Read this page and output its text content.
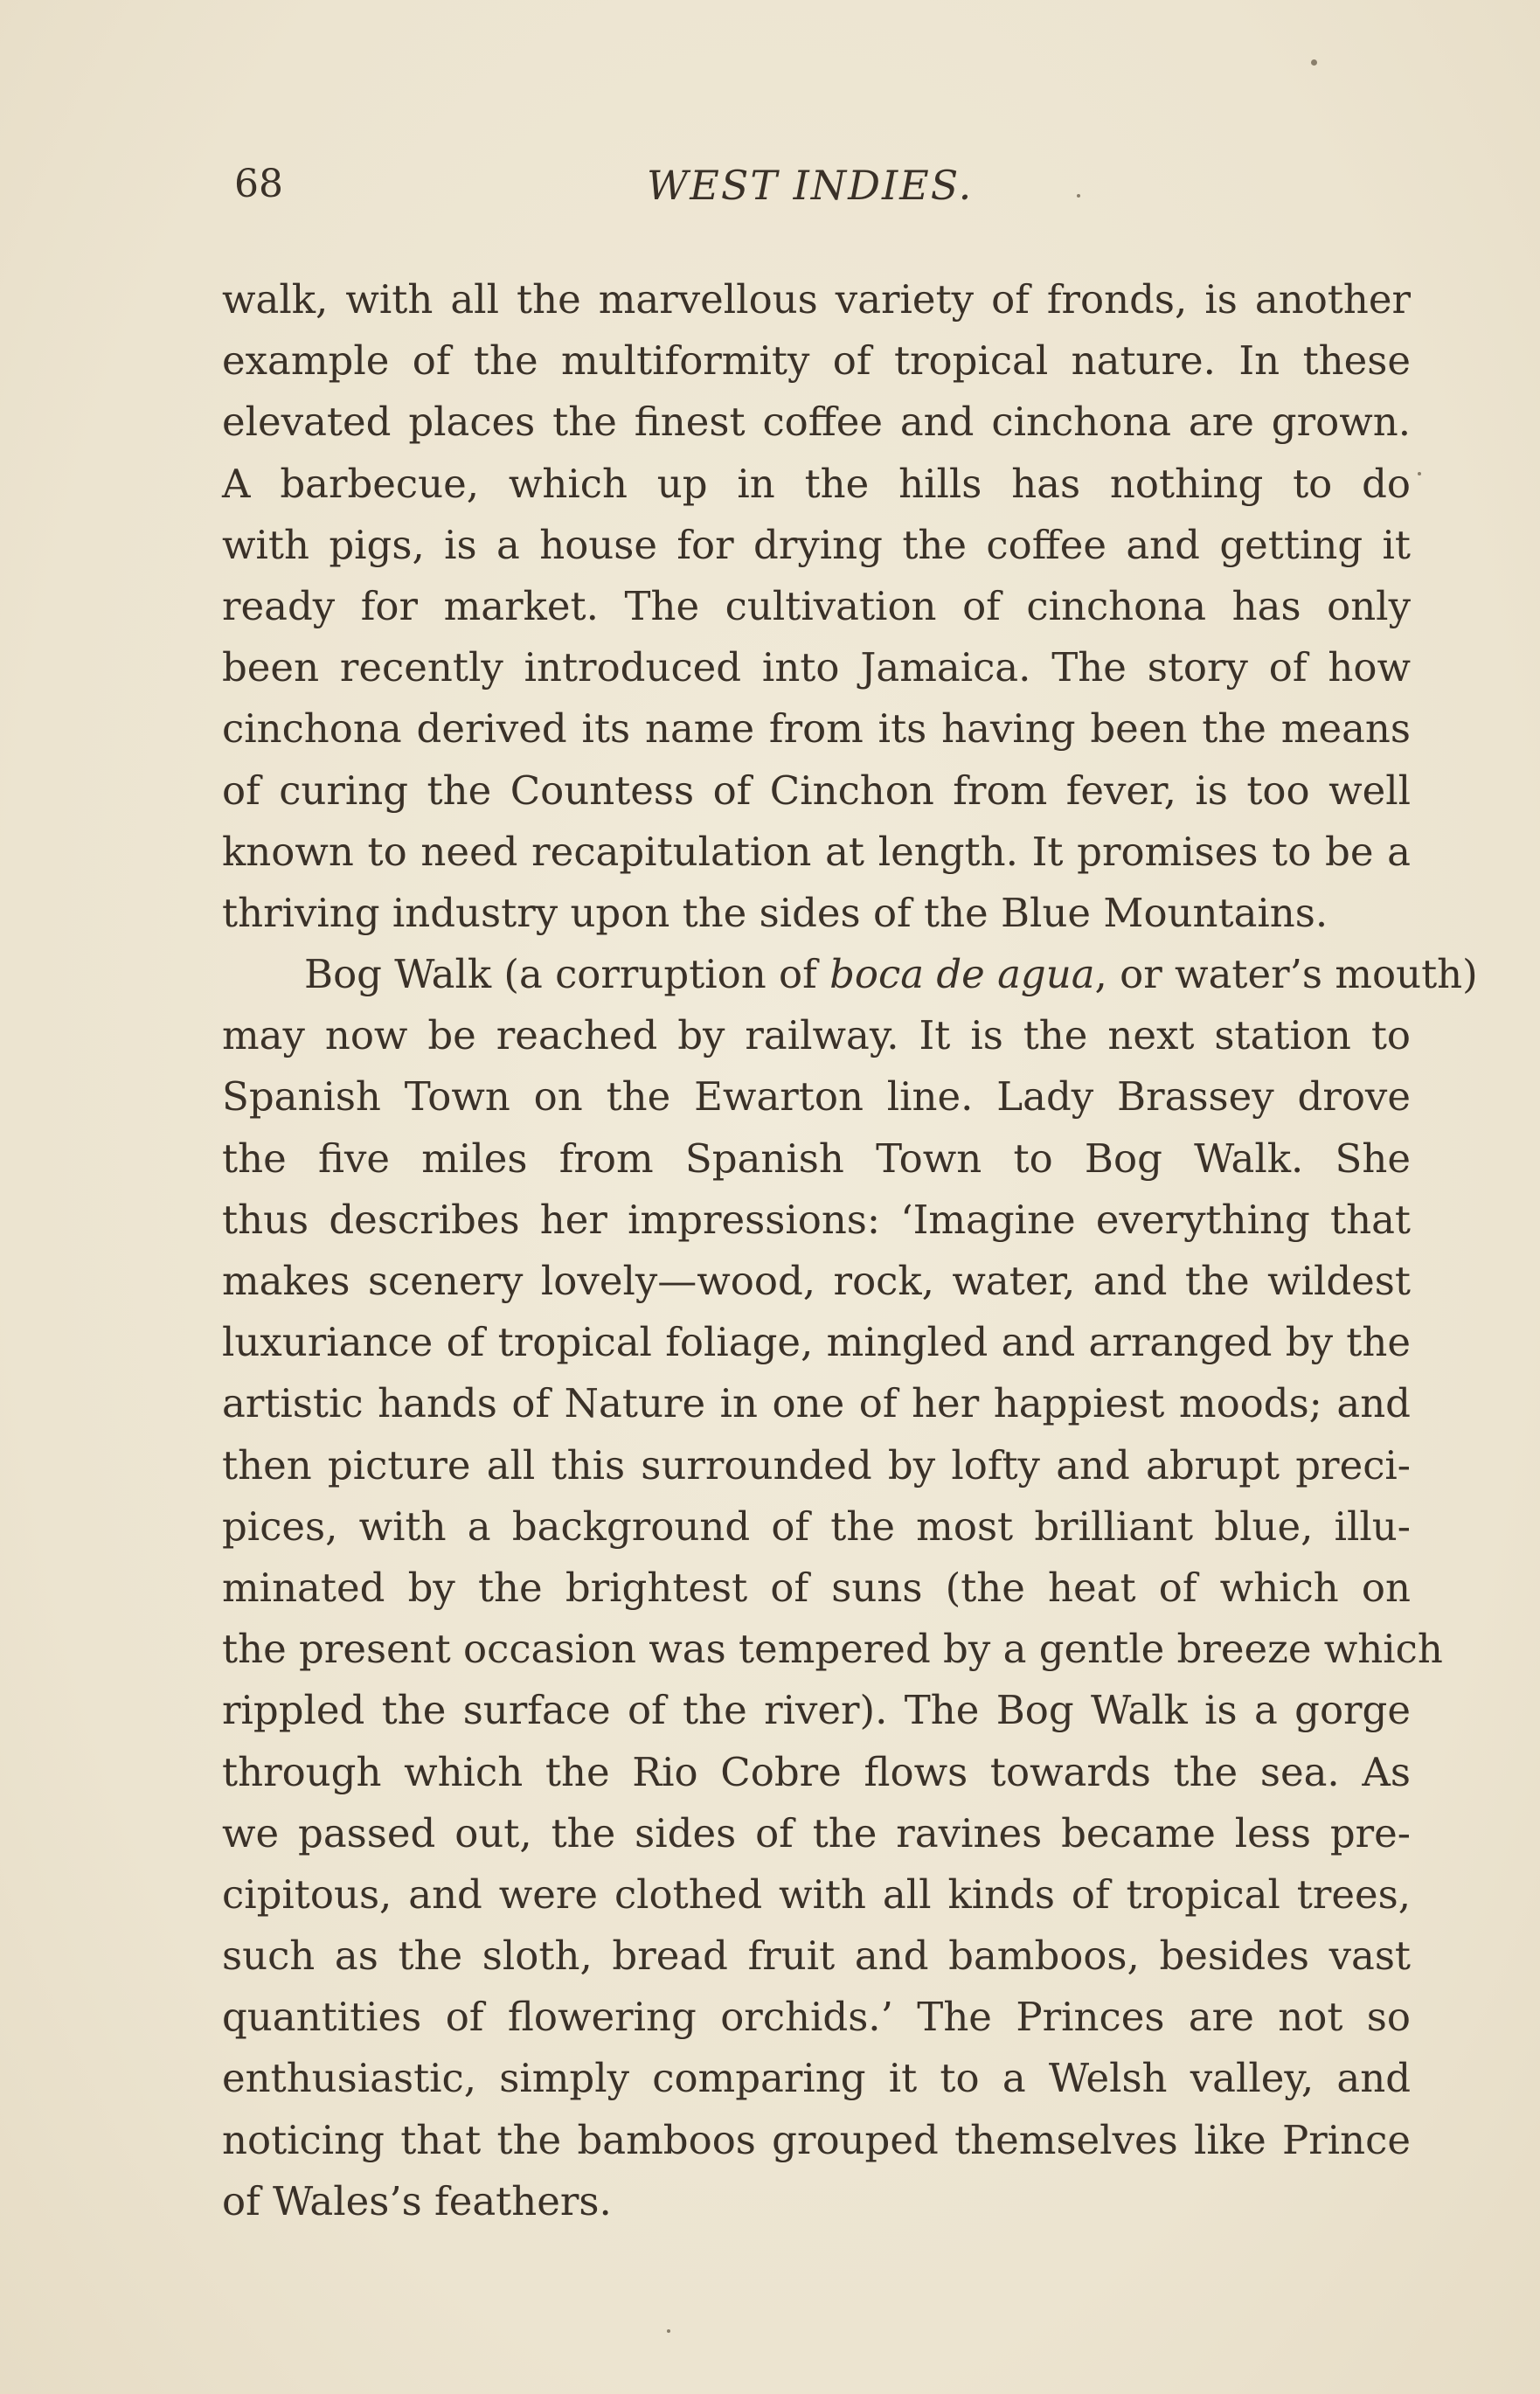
68	WEST INDIES.
walk, with all the marvellous variety of fronds, is another
example of the multiformity of tropical nature. In these
elevated places the finest coffee and cinchona are grown.
A barbecue, which up in the hills has nothing to do
with pigs, is a house for drying the coffee and getting it
ready for market. The cultivation of cinchona has only
been recently introduced into Jamaica. The story of how
cinchona derived its name from its having been the means
of curing the Countess of Cinchon from fever, is too well
known to need recapitulation at length. It promises to be a
thriving industry upon the sides of the Blue Mountains.
Bog Walk (a corruption of boca de agua, or water’s mouth)
may now be reached by railway. It is the next station to
Spanish Town on the Ewarton line. Lady Brassey drove
the five miles from Spanish Town to Bog Walk. She
thus describes her impressions: ‘Imagine everything that
makes scenery lovely—wood, rock, water, and the wildest
luxuriance of tropical foliage, mingled and arranged by the
artistic hands of Nature in one of her happiest moods; and
then picture all this surrounded by lofty and abrupt preci-
pices, with a background of the most brilliant blue, illu-
minated by the brightest of suns (the heat of which on
the present occasion was tempered by a gentle breeze which
rippled the surface of the river). The Bog Walk is a gorge
through which the Rio Cobre flows towards the sea. As
we passed out, the sides of the ravines became less pre-
cipitous, and were clothed with all kinds of tropical trees,
such as the sloth, bread fruit and bamboos, besides vast
quantities of flowering orchids.’ The Princes are not so
enthusiastic, simply comparing it to a Welsh valley, and
noticing that the bamboos grouped themselves like Prince
of Wales’s feathers.
